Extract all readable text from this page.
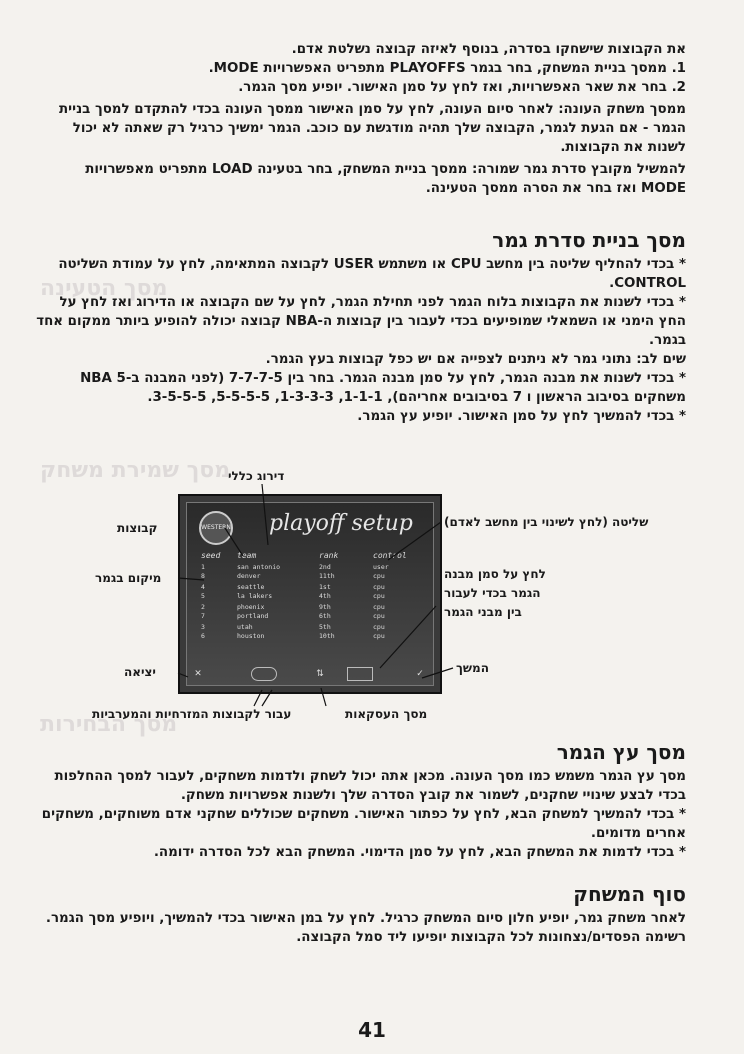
מסך הטעינה
מסך שמירת משחק
מסך הבחירות
את הקבוצות שישחקו בסדרה, בנוסף לאיזה קבוצה נשלטת אדם.
1. ממסך בניית המשחק, בחר בגמר PLAYOFFS מתפריט האפשרויות MODE.
2. בחר את שאר האפשרויות, ואז לחץ על סמן האישור. יופיע מסך הגמר.
ממסך משחק העונה: לאחר סיום העונה, לחץ על סמן האישור ממסך העונה בכדי להתקדם למסך בניית הגמר - אם הגעת לגמר, הקבוצה שלך תהיה מודגשת עם כוכב. הגמר ימשיך כרגיל רק שאתה לא יכול לשנות את הקבוצות.
להמשיל מקובץ סדרת גמר שמורה: ממסך בניית המשחק, בחר בטעינה LOAD מתפריט מאפשרויות MODE ואז בחר את הסרה ממסך הטעינה.
מסך בניית סדרת גמר
* בכדי להחליף שליטה בין מחשב CPU או משתמש USER לקבוצה המתאימה, לחץ על עמודת השליטה CONTROL.
* בכדי לשנות את הקבוצות בלוח הגמר לפני תחילת הגמר, לחץ על שם הקבוצה או הדירוג ואז לחץ על החץ הימני או השמאלי שמופיעים בכדי לעבור בין קבוצות ה-NBA קבוצה יכולה להופיע ביותר ממקום אחד בגמר.
שים לב: נתוני גמר לא ניתנים לצפייה אם יש כפל קבוצות בעץ הגמר.
* בכדי לשנות את מבנה הגמר, לחץ על סמן מבנה הגמר. בחר בין 7-7-7-5 (לפני המבנה ב-NBA 5 משחקים בסיבוב הראשון ו 7 בסיבובים אחריהם), 1-1-1, 1-3-3-3, 5-5-5-5, 3-5-5-5.
* בכדי להמשיך לחץ על סמן האישור. יופיע עץ הגמר.
WESTERN playoff setup
seed	team	rank	control
1	san antonio	2nd	user
8	denver	11th	cpu
4	seattle	1st	cpu
5	la lakers	4th	cpu
2	phoenix	9th	cpu
7	portland	6th	cpu
3	utah	5th	cpu
6	houston	10th	cpu
✕	⇅	✓
דירוג כללי
קבוצות
מיקום בגמר
שליטה (לחץ לשינוי בין מחשב לאדם)
לחץ על סמן מבנה
הגמר בכדי לעבור
בין מבני הגמר
המשך
יציאה
עבור לקבוצות המזרחיות והמערביות	מסך העסקאות
מסך עץ הגמר
מסך עץ הגמר משמש כמו מסך העונה. מכאן אתה יכול לשחק ולדמות משחקים, לעבור למסך ההחלפות בכדי לבצע שינויי שחקנים, לשמור את קובץ הסדרה שלך ולשנות אפשרויות משחק.
* בכדי להמשיך למשחק הבא, לחץ על כפתור האישור. משחקים שכוללים שחקני אדם משוחקים, משחקים אחרים מדומים.
* בכדי לדמות את המשחק הבא, לחץ על סמן הדימוי. המשחק הבא לכל הסדרה ידומה.
סוף המשחק
לאחר משחק גמר, יופיע חלון סיום המשחק כרגיל. לחץ על במן האישור בכדי להמשיך, ויופיע מסך הגמר. רשימה הפסדים/נצחונות לכל הקבוצות יופיעו ליד סמל הקבוצה.
41
